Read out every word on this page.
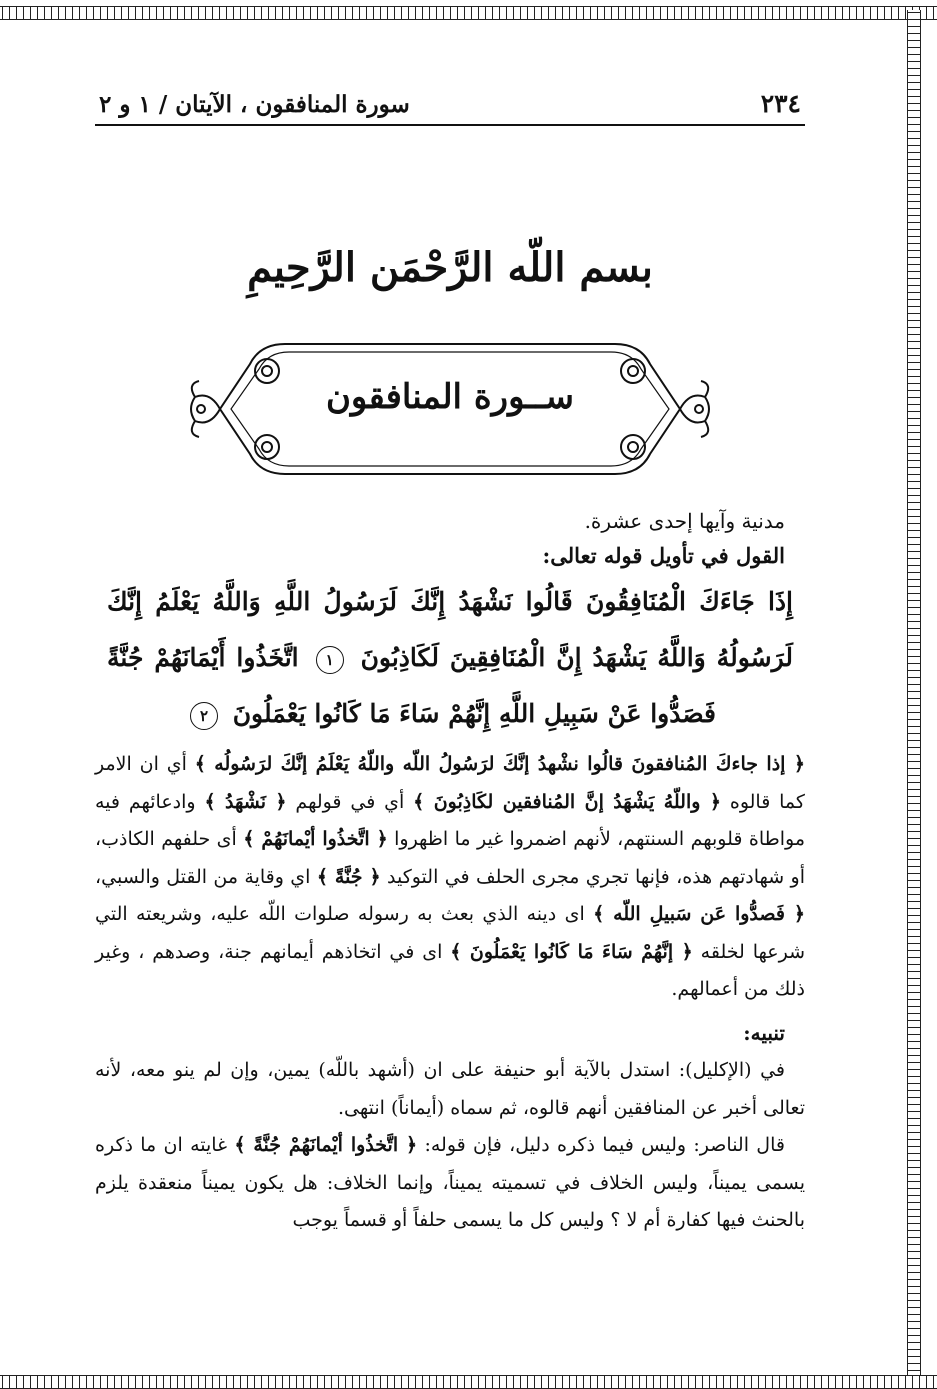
٢٣٤
سورة المنافقون ، الآيتان / ١ و ٢
بسم اللّه الرَّحْمَن الرَّحِيمِ
ســورة المنافقون
مدنية وآيها إحدى عشرة.
القول في تأويل قوله تعالى:
إِذَا جَاءَكَ الْمُنَافِقُونَ قَالُوا نَشْهَدُ إِنَّكَ لَرَسُولُ اللَّهِ وَاللَّهُ يَعْلَمُ إِنَّكَ لَرَسُولُهُ وَاللَّهُ يَشْهَدُ إِنَّ الْمُنَافِقِينَ لَكَاذِبُونَ ١ اتَّخَذُوا أَيْمَانَهُمْ جُنَّةً فَصَدُّوا عَنْ سَبِيلِ اللَّهِ إِنَّهُمْ سَاءَ مَا كَانُوا يَعْمَلُونَ ٢

﴿ إذا جاءكَ المُنافقونَ قالُوا نشْهدُ إنَّكَ لرَسُولُ اللّه واللّهُ يَعْلَمُ إنَّكَ لرَسُولُه ﴾ أي ان الامر كما قالوه ﴿ واللّهُ يَشْهَدُ إنَّ المُنافقين لكَاذِبُونَ ﴾ أي في قولهم ﴿ نَشْهَدُ ﴾ وادعائهم فيه مواطاة قلوبهم السنتهم، لأنهم اضمروا غير ما اظهروا ﴿ اتَّخذُوا أيْمانَهُمْ ﴾ أى حلفهم الكاذب، أو شهادتهم هذه، فإنها تجري مجرى الحلف في التوكيد ﴿ جُنَّةً ﴾ اي وقاية من القتل والسبي، ﴿ فَصدُّوا عَن سَبيلِ اللّه ﴾ اى دينه الذي بعث به رسوله صلوات اللّه عليه، وشريعته التي شرعها لخلقه ﴿ إنَّهُمْ سَاءَ مَا كَانُوا يَعْمَلُونَ ﴾ اى في اتخاذهم أيمانهم جنة، وصدهم ، وغير ذلك من أعمالهم.

تنبيه:

في (الإكليل): استدل بالآية أبو حنيفة على ان (أشهد باللّه) يمين، وإن لم ينو معه، لأنه تعالى أخبر عن المنافقين أنهم قالوه، ثم سماه (أيماناً) انتهى.

قال الناصر: وليس فيما ذكره دليل، فإن قوله: ﴿ اتَّخذُوا أيْمانَهُمْ جُنَّةً ﴾ غايته ان ما ذكره يسمى يميناً، وليس الخلاف في تسميته يميناً، وإنما الخلاف: هل يكون يميناً منعقدة يلزم بالحنث فيها كفارة أم لا ؟ وليس كل ما يسمى حلفاً أو قسماً يوجب
